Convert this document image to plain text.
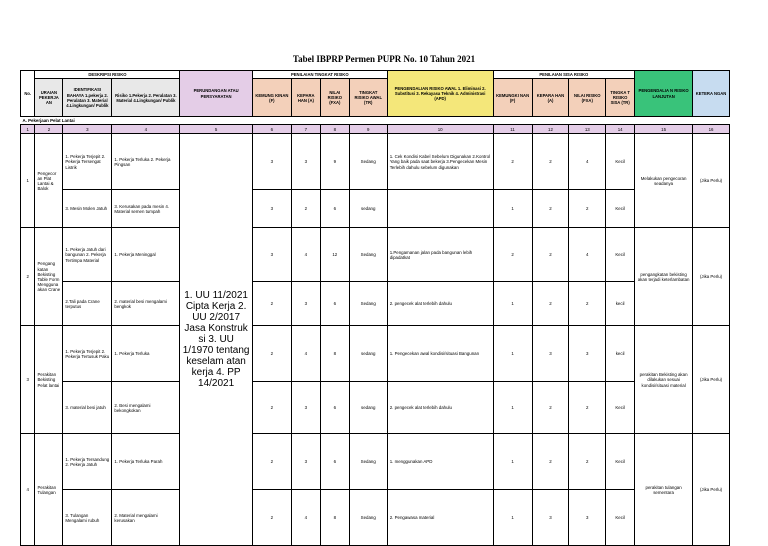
Tabel IBPRP Permen PUPR No. 10 Tahun 2021
No.	DESKRIPSI RISIKO			PERUNDANGAN ATAU PERSYARATAN	PENILAIAN TINGKAT RISIKO				PENGENDALIAN RISIKO AWAL 1. Eliminasi 2. Substitusi 3. Rekayasa Teknik 4. Administrasi (APD)	PENILAIAN SISA RISIKO				PENGENDALIA N RISIKO LANJUTAN	KETERA NGAN
	URAIAN PEKERJA AN	IDENTIFIKASI BAHAYA 1.pekerja 2. Peralatan 3. Material 4.Lingkungan/ Publik	Risiko 1.Pekerja 2. Peralatan 3. Material 4.Lingkungan/ Publik		KEMUNG KINAN (F)	KEPARA HAN (A)	NILAI RISIKO (FXA)	TINGKAT RISIKO AWAL (TR)		KEMUNGKI NAN (F)	KEPARA HAN (A)	NILAI RISIKO (FXA)	TINGKA T RISIKO SISA (TR)		
A. Pekerjaan Pelat Lantai															
1	2	3	4	5	6	7	8	9	10	11	12	13	14	15	16
1	Pengecor an Plat Lantai & Balok	1. Pekerja Terjepit 2. Pekerja Tersengat Listrik	1. Pekerja Terluka 2. Pekerja Pingsan	1. UU 11/2021 Cipta Kerja 2. UU 2/2017 Jasa Konstruk si 3. UU 1/1970 tentang keselam atan kerja 4. PP 14/2021	3	3	9	Sedang	1. Cek Kondisi Kabel Sebelum Digunakan 2.Kontrol Yang baik pada saat bekerja 3.Pengecekan Mesin Terlebih dahulu sebelum digunakan	2	2	4	Kecil	Melakukan pengecoran seadanya	(Jika Perlu)
		3. Mesin Molen Jatuh	3. Kerusakan pada mesin 4. Material semen tumpah		3	2	6	sedang		1	2	2	Kecil		
2	Pengang katan Bekisting Table Form Mengguna akan Crane	1. Pekerja Jatuh dari bangunan 2. Pekerja Tertimpa Material	1. Pekerja Meninggal		3	4	12	Sedang	1.Pengamanan jalan pada bangunan lebih dipadatkat	2	2	4	Kecil	pengangkatan bekisting akan terjadi keterlambatan	(Jika Perlu)
		2.Tali pada Crane terputus	2. material besi mengalami bengkok		2	3	6	Sedang	2. pengecek alat terlebih dahulu	1	2	2	kecil		
3	Perakitan Bekisting Pelat lantai	1. Pekerja Terjepit 2. Pekerja Tertusuk Paku	1. Pekerja Terluka		2	4	8	sedang	1. Pengecekan awal kondisi/situasi Bangunan	1	3	3	kecil	perakitan Bekisting akan dilakukan sesuai kondisi/situasi material	(Jika Perlu)
		3. material besi jatuh	2. Besi mengalami bekongkokan		2	3	6	sedang	2. pengecek alat terlebih dahulu	1	2	2	Kecil		
4	Perakitan Tulangan	1. Pekerja Tersandung 2. Pekerja Jatuh	1. Pekerja Terluka Parah		2	3	6	Sedang	1. menggunakan APD	1	2	2	Kecil	perakitan tulangan sementara	(Jika Perlu)
		3. Tulangan Mengalami rubuh	2. Material mengalami kerusakan		2	4	8	Sedang	2. Pengawasa material	1	3	3	Kecil		
